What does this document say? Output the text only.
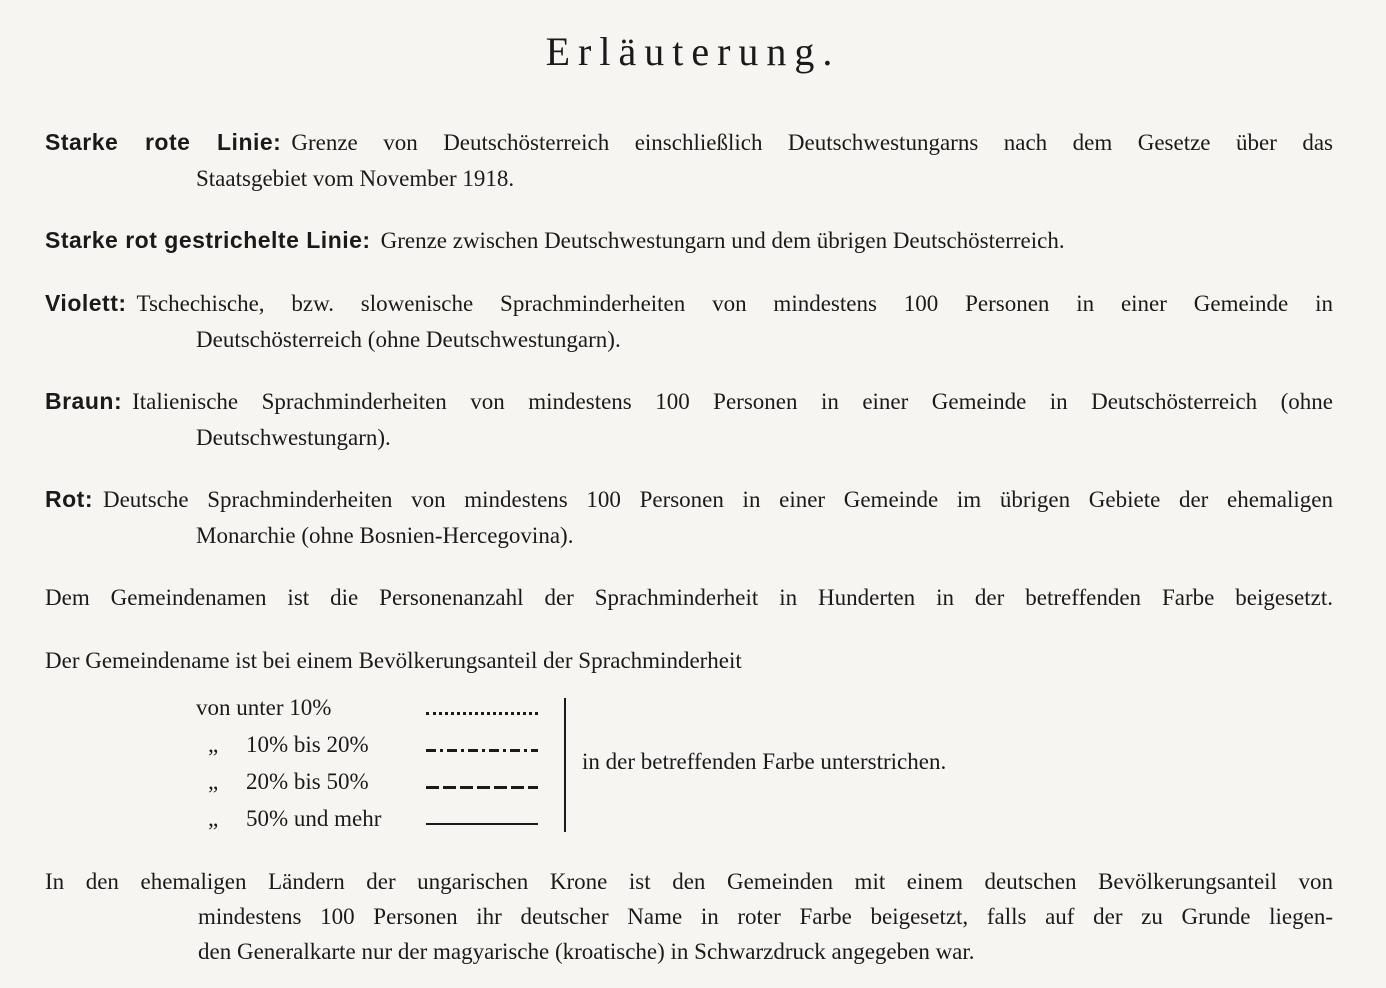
Erläuterung.
Starke rote Linie: Grenze von Deutschösterreich einschließlich Deutschwestungarns nach dem Gesetze über das
Staatsgebiet vom November 1918.
Starke rot gestrichelte Linie: Grenze zwischen Deutschwestungarn und dem übrigen Deutschösterreich.
Violett: Tschechische, bzw. slowenische Sprachminderheiten von mindestens 100 Personen in einer Gemeinde in
Deutschösterreich (ohne Deutschwestungarn).
Braun: Italienische Sprachminderheiten von mindestens 100 Personen in einer Gemeinde in Deutschösterreich (ohne
Deutschwestungarn).
Rot: Deutsche Sprachminderheiten von mindestens 100 Personen in einer Gemeinde im übrigen Gebiete der ehemaligen
Monarchie (ohne Bosnien-Hercegovina).
Dem Gemeindenamen ist die Personenanzahl der Sprachminderheit in Hunderten in der betreffenden Farbe beigesetzt.
Der Gemeindename ist bei einem Bevölkerungsanteil der Sprachminderheit
von unter 10%
„ 10% bis 20%
„ 20% bis 50%
„ 50% und mehr
in der betreffenden Farbe unterstrichen.
In den ehemaligen Ländern der ungarischen Krone ist den Gemeinden mit einem deutschen Bevölkerungsanteil von
mindestens 100 Personen ihr deutscher Name in roter Farbe beigesetzt, falls auf der zu Grunde liegen-
den Generalkarte nur der magyarische (kroatische) in Schwarzdruck angegeben war.
